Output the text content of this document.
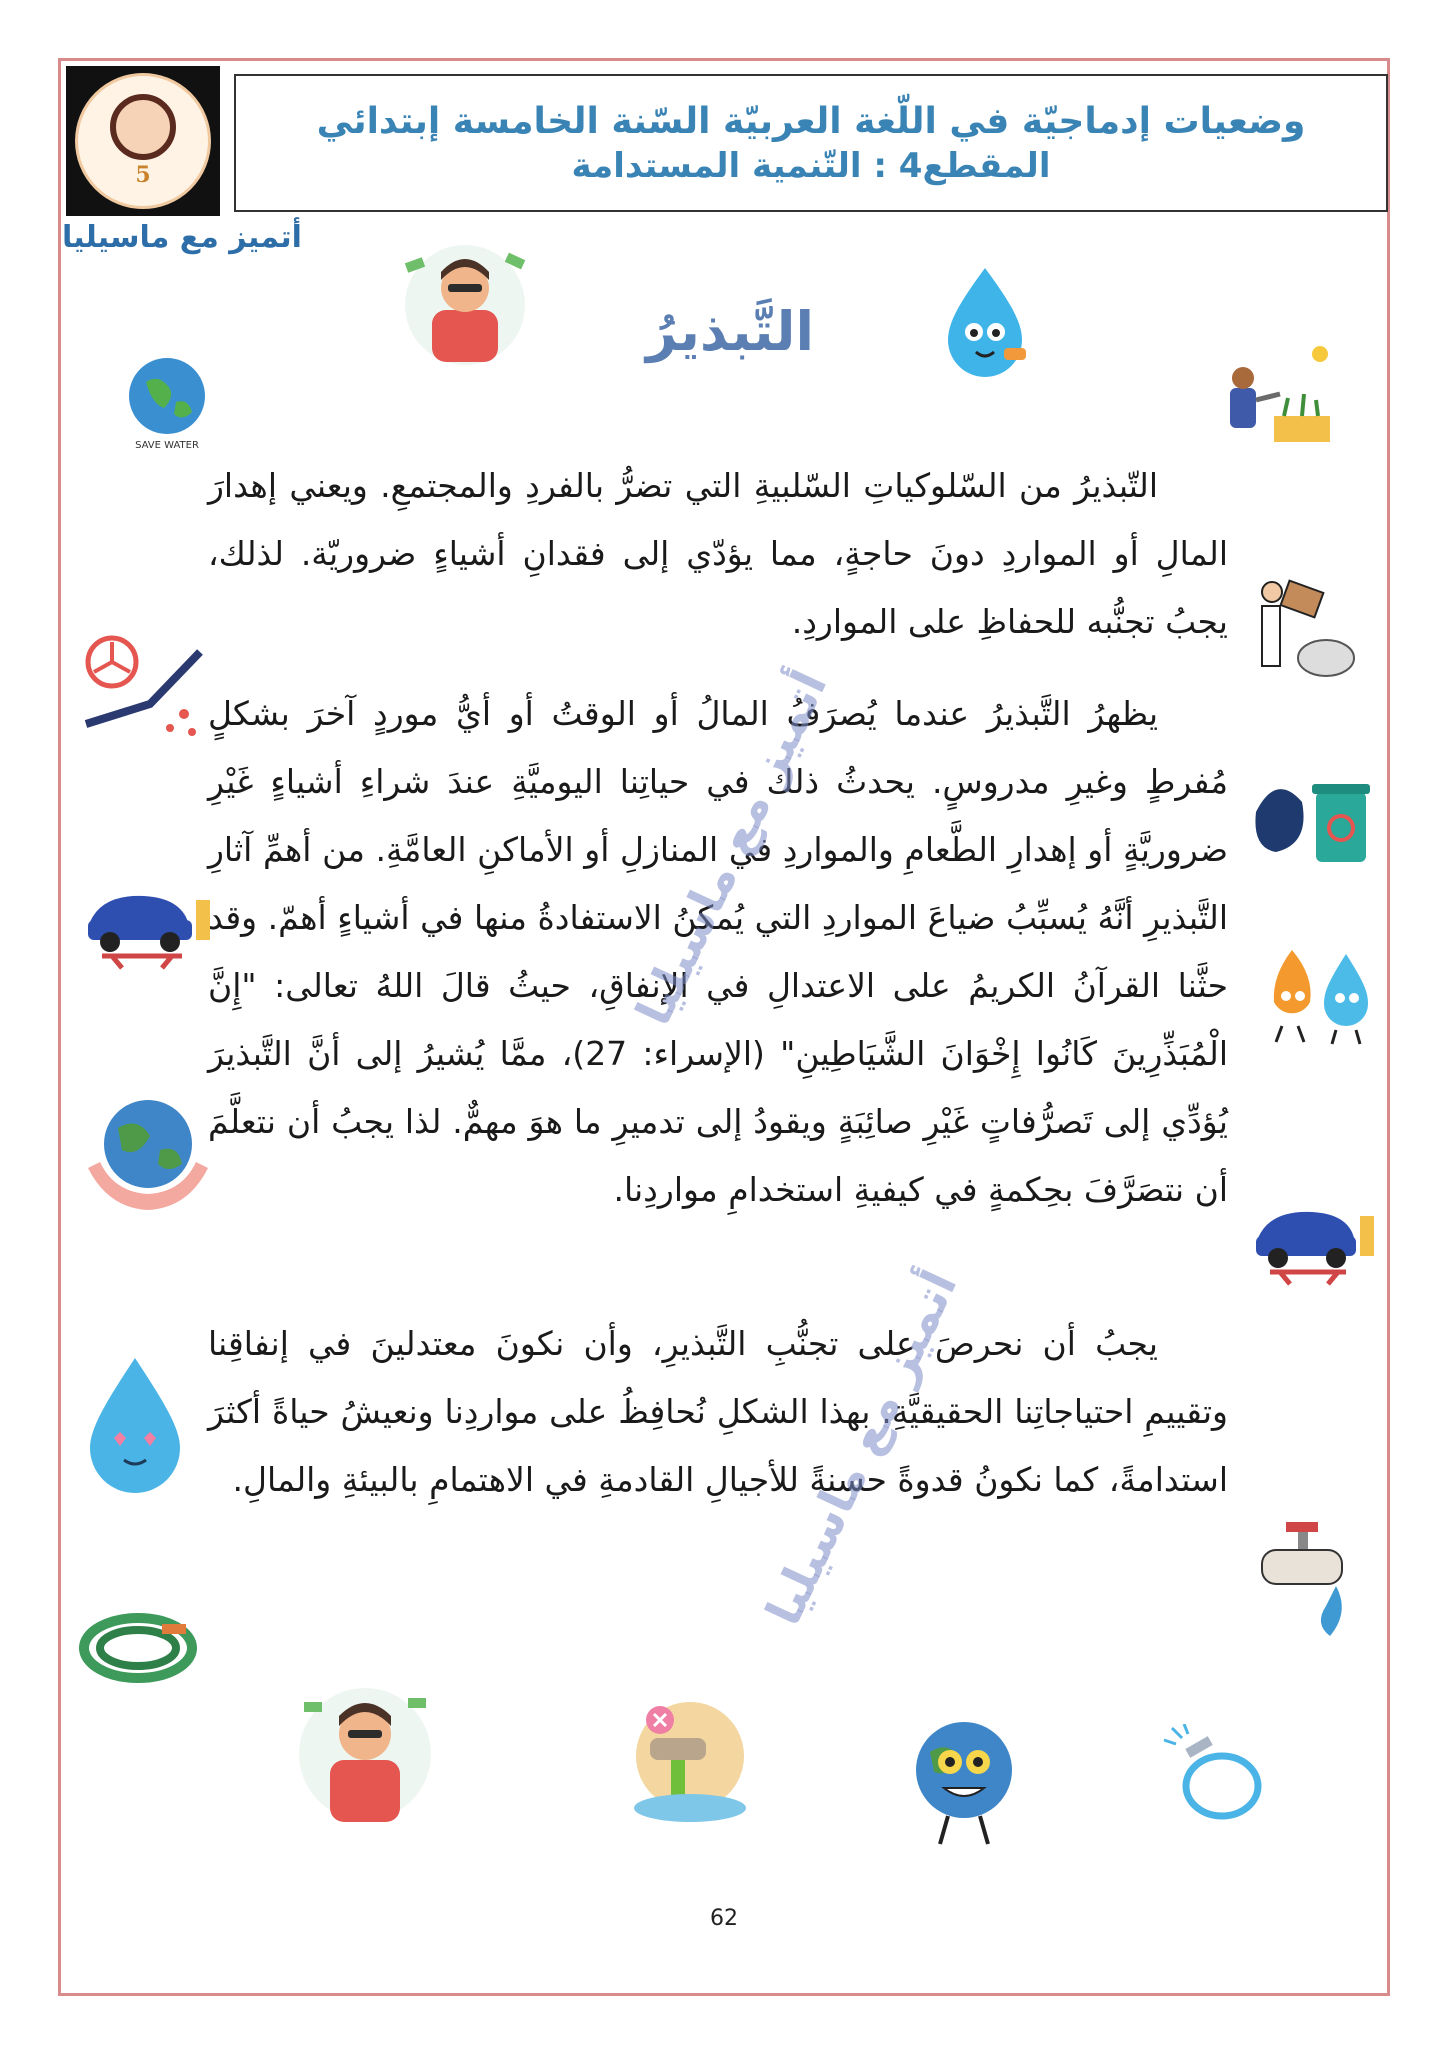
5
وضعيات إدماجيّة في اللّغة العربيّة السّنة الخامسة إبتدائي
المقطع4 : التّنمية المستدامة
أتميز مع ماسيليا
التَّبذيرُ
SAVE WATER
التّبذيرُ من السّلوكياتِ السّلبيةِ التي تضرُّ بالفردِ والمجتمعِ. ويعني إهدارَ المالِ أو المواردِ دونَ حاجةٍ، مما يؤدّي إلى فقدانِ أشياءٍ ضروريّة. لذلك، يجبُ تجنُّبه للحفاظِ على المواردِ.
يظهرُ التَّبذيرُ عندما يُصرَفُ المالُ أو الوقتُ أو أيُّ موردٍ آخرَ بشكلٍ مُفرطٍ وغيرِ مدروسٍ. يحدثُ ذلك في حياتِنا اليوميَّةِ عندَ شراءِ أشياءٍ غَيْرِ ضروريَّةٍ أو إهدارِ الطَّعامِ والمواردِ في المنازلِ أو الأماكنِ العامَّةِ. من أهمِّ آثارِ التَّبذيرِ أنَّهُ يُسبِّبُ ضياعَ المواردِ التي يُمكنُ الاستفادةُ منها في أشياءٍ أهمّ. وقد حثَّنا القرآنُ الكريمُ على الاعتدالِ في الإنفاقِ، حيثُ قالَ اللهُ تعالى: "إِنَّ الْمُبَذِّرِينَ كَانُوا إِخْوَانَ الشَّيَاطِينِ" (الإسراء: 27)، ممَّا يُشيرُ إلى أنَّ التَّبذيرَ يُؤدِّي إلى تَصرُّفاتٍ غَيْرِ صائِبَةٍ ويقودُ إلى تدميرِ ما هوَ مهمٌّ. لذا يجبُ أن نتعلَّمَ أن نتصَرَّفَ بحِكمةٍ في كيفيةِ استخدامِ مواردِنا.
يجبُ أن نحرصَ على تجنُّبِ التَّبذيرِ، وأن نكونَ معتدلينَ في إنفاقِنا وتقييمِ احتياجاتِنا الحقيقيَّةِ. بهذا الشكلِ نُحافِظُ على مواردِنا ونعيشُ حياةً أكثرَ استدامةً، كما نكونُ قدوةً حسنةً للأجيالِ القادمةِ في الاهتمامِ بالبيئةِ والمالِ.
أتميز مع ماسيليا
أتميز مع ماسيليا
62
